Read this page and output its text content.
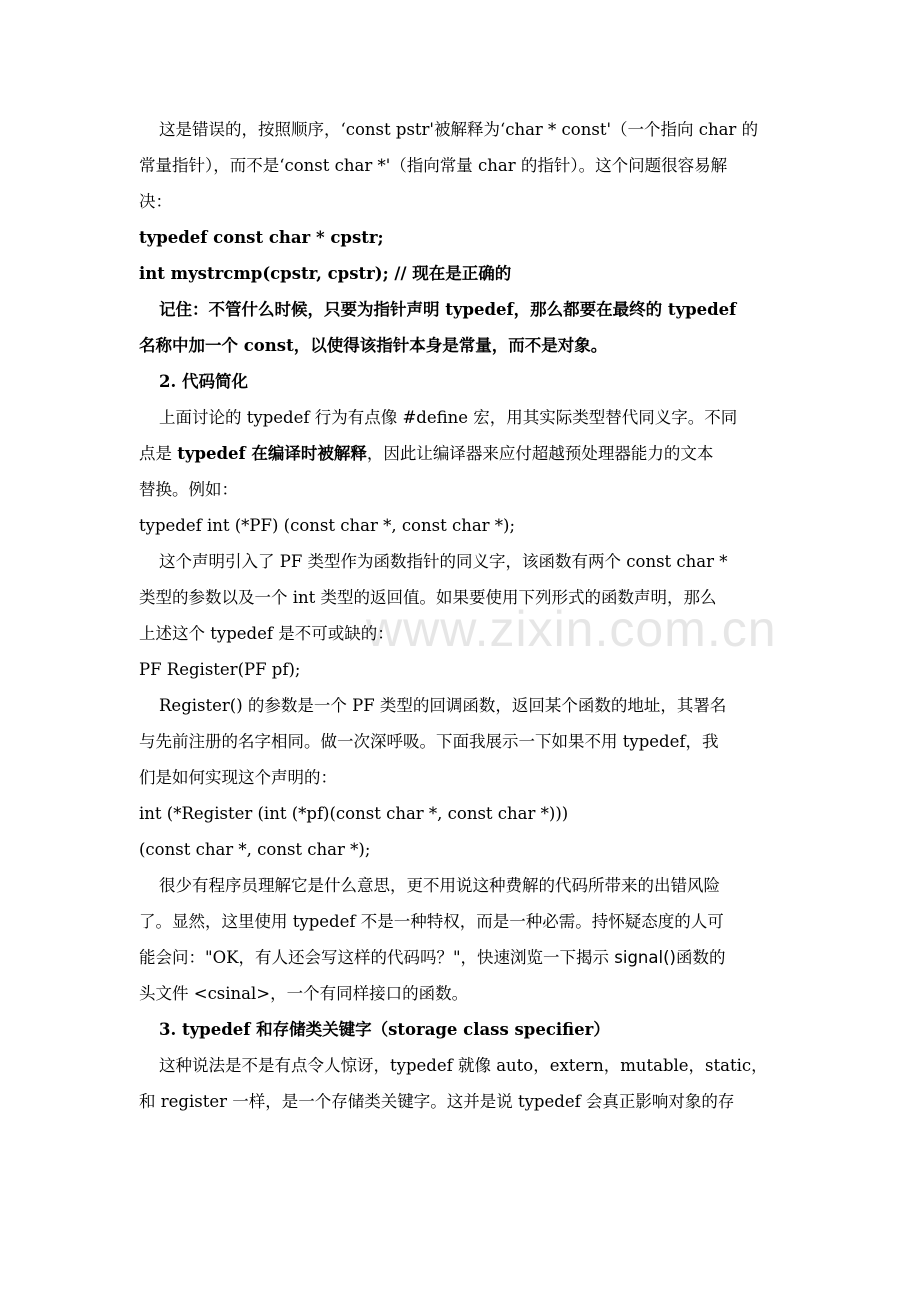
www.zixin.com.cn
这是错误的，按照顺序，‘const pstr'被解释为‘char * const'（一个指向 char 的
常量指针），而不是‘const char *'（指向常量 char 的指针）。这个问题很容易解
决：
typedef const char * cpstr;
int mystrcmp(cpstr, cpstr); // 现在是正确的
记住：不管什么时候，只要为指针声明 typedef，那么都要在最终的 typedef
名称中加一个 const，以使得该指针本身是常量，而不是对象。
2. 代码简化
上面讨论的 typedef 行为有点像 #define 宏，用其实际类型替代同义字。不同
点是 typedef 在编译时被解释，因此让编译器来应付超越预处理器能力的文本
替换。例如：
typedef int (*PF) (const char *, const char *);
这个声明引入了 PF 类型作为函数指针的同义字，该函数有两个 const char *
类型的参数以及一个 int 类型的返回值。如果要使用下列形式的函数声明，那么
上述这个 typedef 是不可或缺的：
PF Register(PF pf);
Register() 的参数是一个 PF 类型的回调函数，返回某个函数的地址，其署名
与先前注册的名字相同。做一次深呼吸。下面我展示一下如果不用 typedef，我
们是如何实现这个声明的：
int (*Register (int (*pf)(const char *, const char *)))
(const char *, const char *);
很少有程序员理解它是什么意思，更不用说这种费解的代码所带来的出错风险
了。显然，这里使用 typedef 不是一种特权，而是一种必需。持怀疑态度的人可
能会问："OK，有人还会写这样的代码吗？"，快速浏览一下揭示 signal()函数的
头文件 <csinal>，一个有同样接口的函数。
3. typedef 和存储类关键字（storage class specifier）
这种说法是不是有点令人惊讶，typedef 就像 auto，extern，mutable，static，
和 register 一样，是一个存储类关键字。这并是说 typedef 会真正影响对象的存
